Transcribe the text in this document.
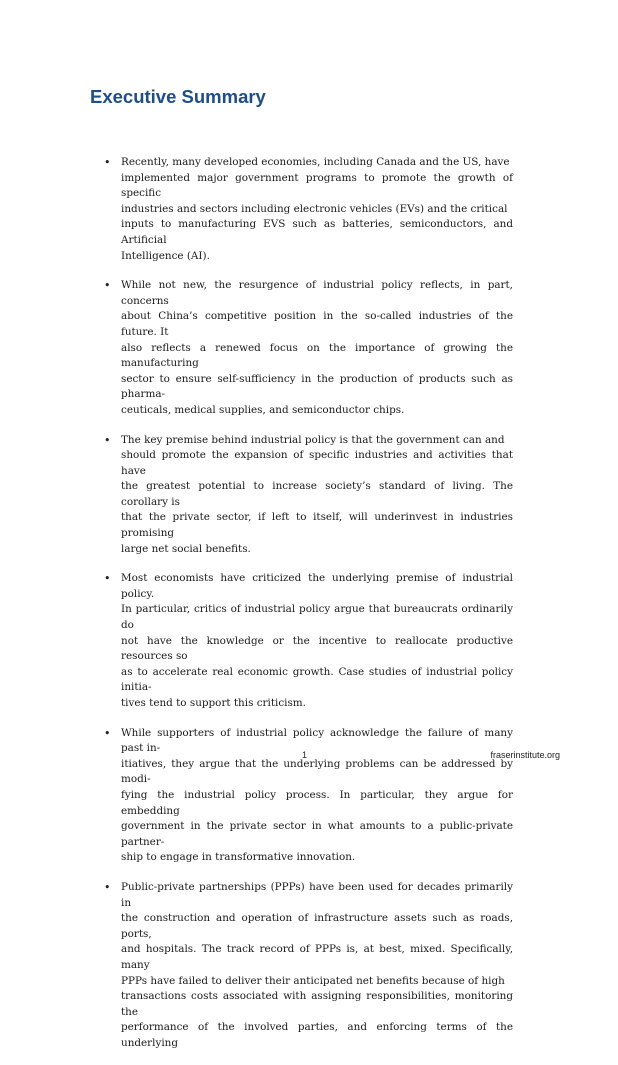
Executive Summary
• Recently, many developed economies, including Canada and the US, have
implemented major government programs to promote the growth of specific
industries and sectors including electronic vehicles (EVs) and the critical
inputs to manufacturing EVS such as batteries, semiconductors, and Artificial
Intelligence (AI).
• While not new, the resurgence of industrial policy reflects, in part, concerns
about China’s competitive position in the so-called industries of the future. It
also reflects a renewed focus on the importance of growing the manufacturing
sector to ensure self-sufficiency in the production of products such as pharma-
ceuticals, medical supplies, and semiconductor chips.
• The key premise behind industrial policy is that the government can and
should promote the expansion of specific industries and activities that have
the greatest potential to increase society’s standard of living. The corollary is
that the private sector, if left to itself, will underinvest in industries promising
large net social benefits.
• Most economists have criticized the underlying premise of industrial policy.
In particular, critics of industrial policy argue that bureaucrats ordinarily do
not have the knowledge or the incentive to reallocate productive resources so
as to accelerate real economic growth. Case studies of industrial policy initia-
tives tend to support this criticism.
• While supporters of industrial policy acknowledge the failure of many past in-
itiatives, they argue that the underlying problems can be addressed by modi-
fying the industrial policy process. In particular, they argue for embedding
government in the private sector in what amounts to a public-private partner-
ship to engage in transformative innovation.
• Public-private partnerships (PPPs) have been used for decades primarily in
the construction and operation of infrastructure assets such as roads, ports,
and hospitals. The track record of PPPs is, at best, mixed. Specifically, many
PPPs have failed to deliver their anticipated net benefits because of high
transactions costs associated with assigning responsibilities, monitoring the
performance of the involved parties, and enforcing terms of the underlying
1	fraserinstitute.org
